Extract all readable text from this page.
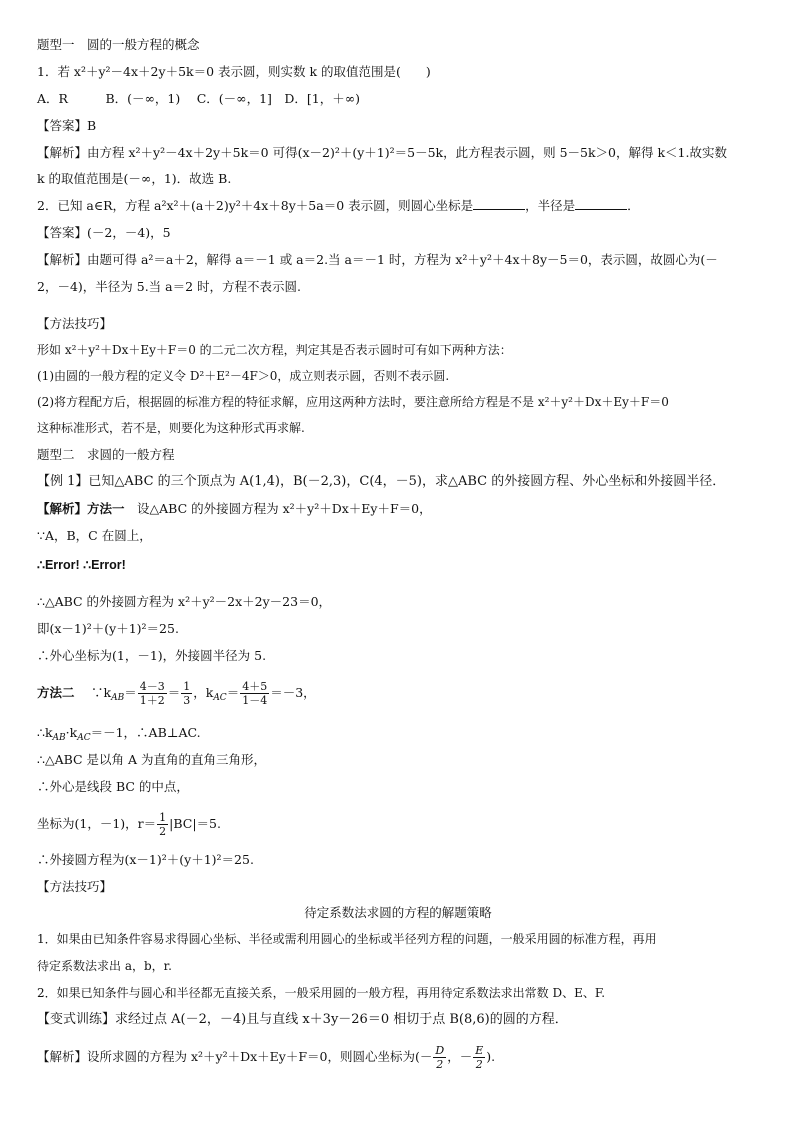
题型一　圆的一般方程的概念
1．若 x²＋y²－4x＋2y＋5k＝0 表示圆，则实数 k 的取值范围是(　　)
A．R　　　B．(－∞，1)　 C．(－∞，1]　D．[1，＋∞)
【答案】B
【解析】由方程 x²＋y²－4x＋2y＋5k＝0 可得(x－2)²＋(y＋1)²＝5－5k，此方程表示圆，则 5－5k＞0，解得 k＜1.故实数
k 的取值范围是(－∞，1)．故选 B.
2．已知 a∈R，方程 a²x²＋(a＋2)y²＋4x＋8y＋5a＝0 表示圆，则圆心坐标是	，半径是	．
【答案】(－2，－4)，5
【解析】由题可得 a²＝a＋2，解得 a＝－1 或 a＝2.当 a＝－1 时，方程为 x²＋y²＋4x＋8y－5＝0，表示圆，故圆心为(－
2，－4)，半径为 5.当 a＝2 时，方程不表示圆.
【方法技巧】
形如 x²＋y²＋Dx＋Ey＋F＝0 的二元二次方程，判定其是否表示圆时可有如下两种方法：
(1)由圆的一般方程的定义令 D²＋E²－4F＞0，成立则表示圆，否则不表示圆.
(2)将方程配方后，根据圆的标准方程的特征求解，应用这两种方法时，要注意所给方程是不是 x²＋y²＋Dx＋Ey＋F＝0
这种标准形式，若不是，则要化为这种形式再求解.
题型二　求圆的一般方程
【例 1】已知△ABC 的三个顶点为 A(1,4)，B(－2,3)，C(4，－5)，求△ABC 的外接圆方程、外心坐标和外接圆半径．
【解析】方法一　设△ABC 的外接圆方程为 x²＋y²＋Dx＋Ey＋F＝0，
∵A，B，C 在圆上，
∴Error! ∴Error!
∴△ABC 的外接圆方程为 x²＋y²－2x＋2y－23＝0，
即(x－1)²＋(y＋1)²＝25.
∴外心坐标为(1，－1)，外接圆半径为 5.
方法二　 $\because k_{AB}= \frac{4-3}{1+2} = \frac{1}{3}$ ，$k_{AC}= \frac{4+5}{1-4} =-3$，
$\therefore k_{AB}\cdot k_{AC}=-1$，∴AB⊥AC.
∴△ABC 是以角 A 为直角的直角三角形，
∴外心是线段 BC 的中点，
坐标为(1，－1)，$r= \frac{1}{2} |BC|=5$.
∴外接圆方程为(x－1)²＋(y＋1)²＝25.
【方法技巧】
待定系数法求圆的方程的解题策略
1．如果由已知条件容易求得圆心坐标、半径或需利用圆心的坐标或半径列方程的问题，一般采用圆的标准方程，再用
待定系数法求出 a，b，r.
2．如果已知条件与圆心和半径都无直接关系，一般采用圆的一般方程，再用待定系数法求出常数 D、E、F.
【变式训练】求经过点 A(－2，－4)且与直线 x＋3y－26＝0 相切于点 B(8,6)的圆的方程．
【解析】设所求圆的方程为 x²＋y²＋Dx＋Ey＋F＝0，则圆心坐标为(－ $\frac{D}{2}$ ，－ $\frac{E}{2}$ ).
